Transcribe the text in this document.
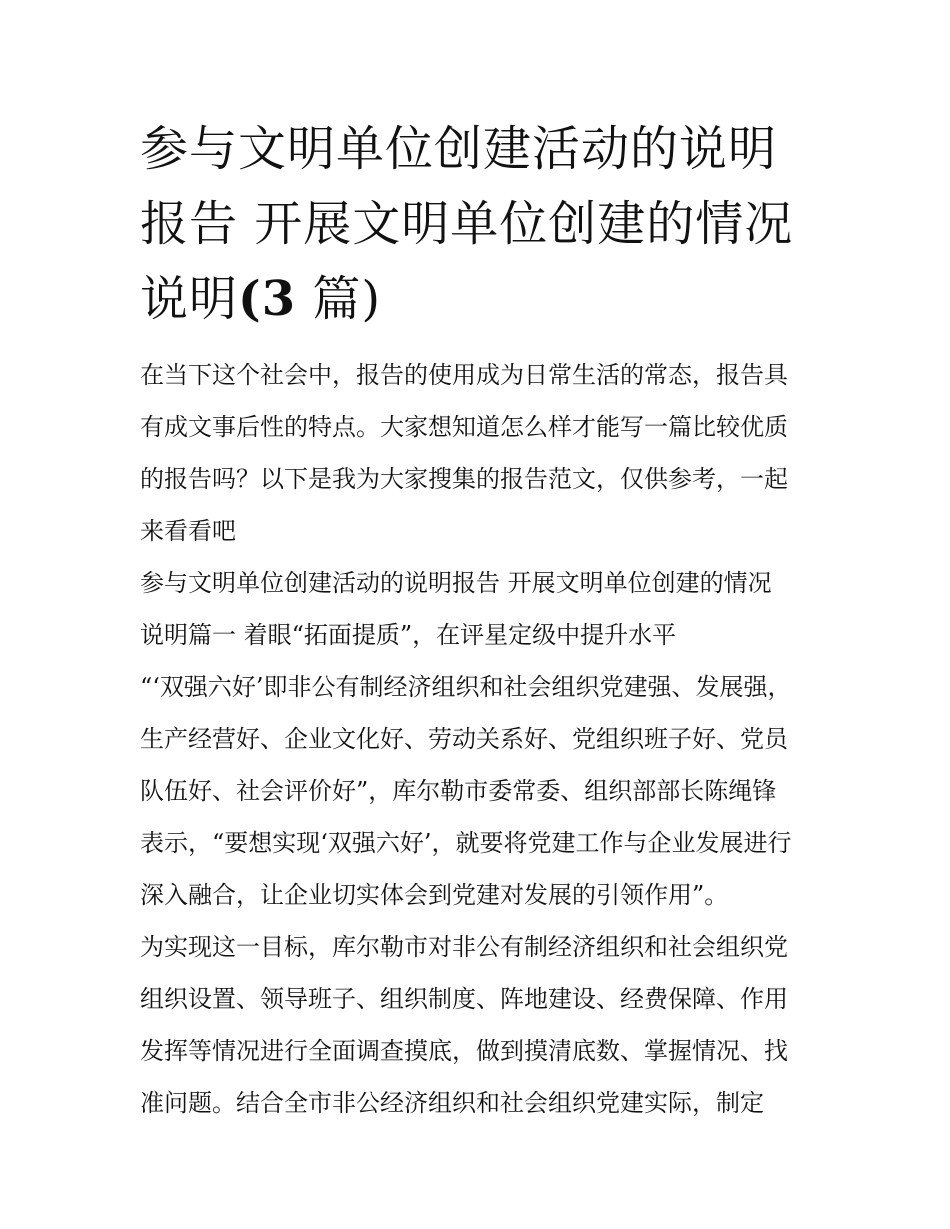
参与文明单位创建活动的说明
报告 开展文明单位创建的情况
说明(3 篇)

在当下这个社会中，报告的使用成为日常生活的常态，报告具
有成文事后性的特点。大家想知道怎么样才能写一篇比较优质
的报告吗？以下是我为大家搜集的报告范文，仅供参考，一起
来看看吧

参与文明单位创建活动的说明报告 开展文明单位创建的情况
说明篇一 着眼“拓面提质”，在评星定级中提升水平

“‘双强六好’即非公有制经济组织和社会组织党建强、发展强，
生产经营好、企业文化好、劳动关系好、党组织班子好、党员
队伍好、社会评价好”，库尔勒市委常委、组织部部长陈绳锋
表示，“要想实现‘双强六好’，就要将党建工作与企业发展进行
深入融合，让企业切实体会到党建对发展的引领作用”。

为实现这一目标，库尔勒市对非公有制经济组织和社会组织党
组织设置、领导班子、组织制度、阵地建设、经费保障、作用
发挥等情况进行全面调查摸底，做到摸清底数、掌握情况、找
准问题。结合全市非公经济组织和社会组织党建实际，制定
